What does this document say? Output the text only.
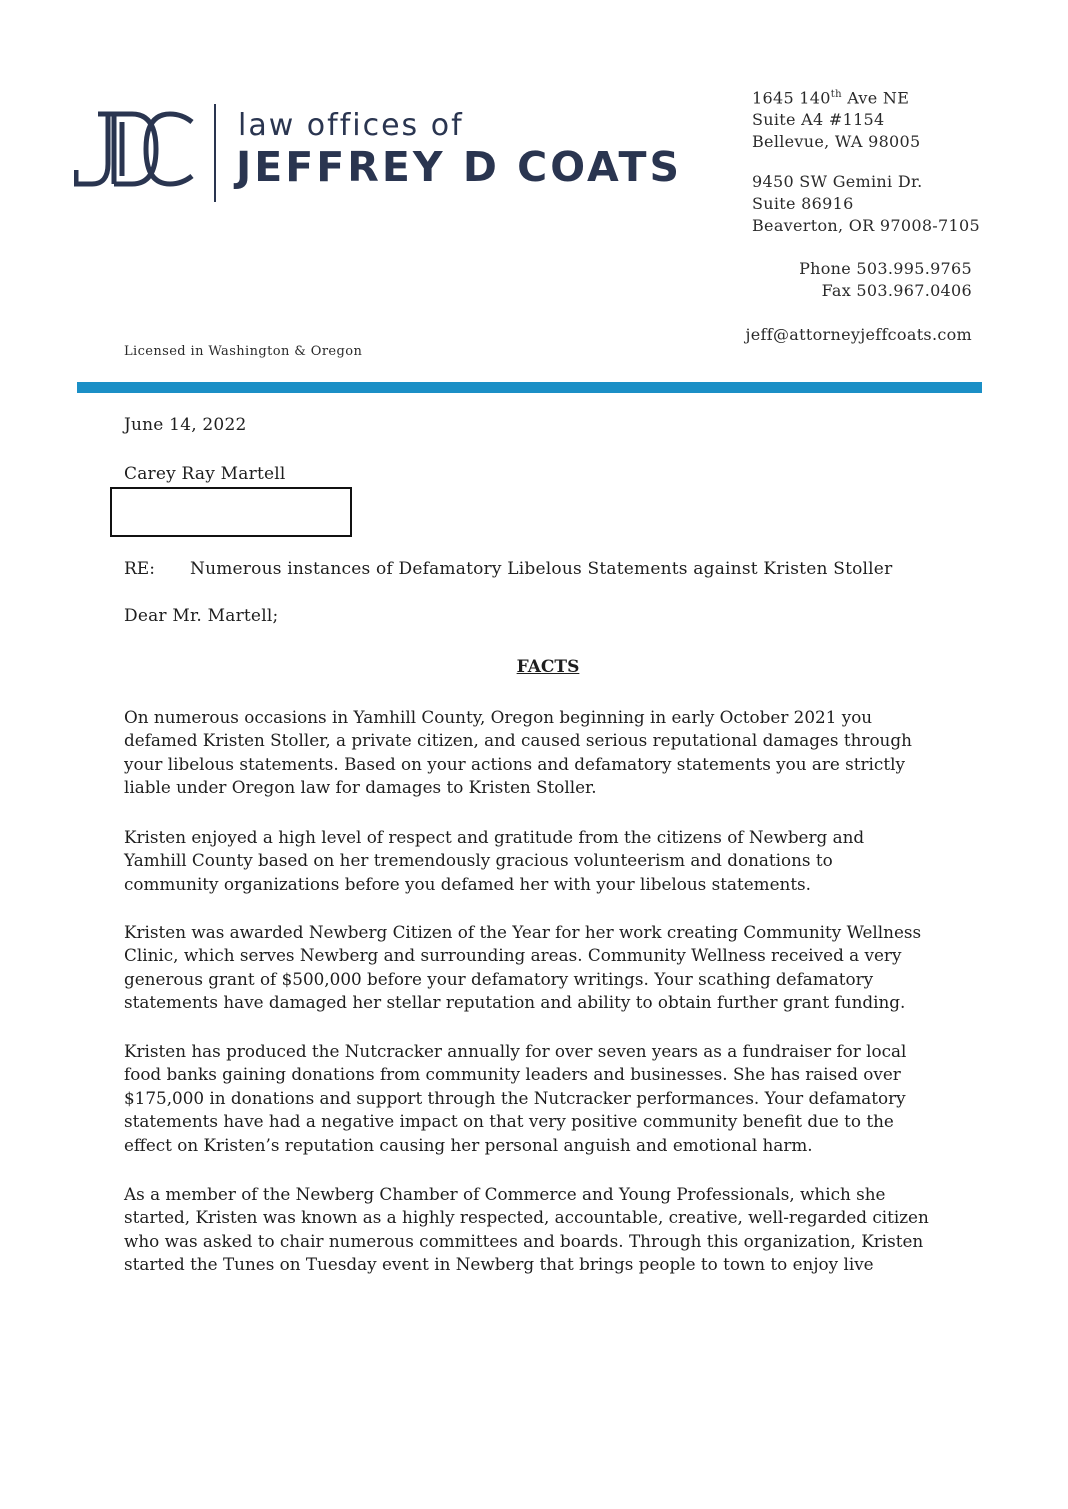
law offices of
JEFFREY D COATS
1645 140th Ave NE
Suite A4 #1154
Bellevue, WA 98005
9450 SW Gemini Dr.
Suite 86916
Beaverton, OR 97008-7105
Phone 503.995.9765
Fax 503.967.0406
jeff@attorneyjeffcoats.com
Licensed in Washington & Oregon
June 14, 2022
Carey Ray Martell
RE: Numerous instances of Defamatory Libelous Statements against Kristen Stoller
Dear Mr. Martell;
FACTS
On numerous occasions in Yamhill County, Oregon beginning in early October 2021 you
defamed Kristen Stoller, a private citizen, and caused serious reputational damages through
your libelous statements. Based on your actions and defamatory statements you are strictly
liable under Oregon law for damages to Kristen Stoller.
Kristen enjoyed a high level of respect and gratitude from the citizens of Newberg and
Yamhill County based on her tremendously gracious volunteerism and donations to
community organizations before you defamed her with your libelous statements.
Kristen was awarded Newberg Citizen of the Year for her work creating Community Wellness
Clinic, which serves Newberg and surrounding areas. Community Wellness received a very
generous grant of $500,000 before your defamatory writings. Your scathing defamatory
statements have damaged her stellar reputation and ability to obtain further grant funding.
Kristen has produced the Nutcracker annually for over seven years as a fundraiser for local
food banks gaining donations from community leaders and businesses. She has raised over
$175,000 in donations and support through the Nutcracker performances. Your defamatory
statements have had a negative impact on that very positive community benefit due to the
effect on Kristen’s reputation causing her personal anguish and emotional harm.
As a member of the Newberg Chamber of Commerce and Young Professionals, which she
started, Kristen was known as a highly respected, accountable, creative, well-regarded citizen
who was asked to chair numerous committees and boards. Through this organization, Kristen
started the Tunes on Tuesday event in Newberg that brings people to town to enjoy live
